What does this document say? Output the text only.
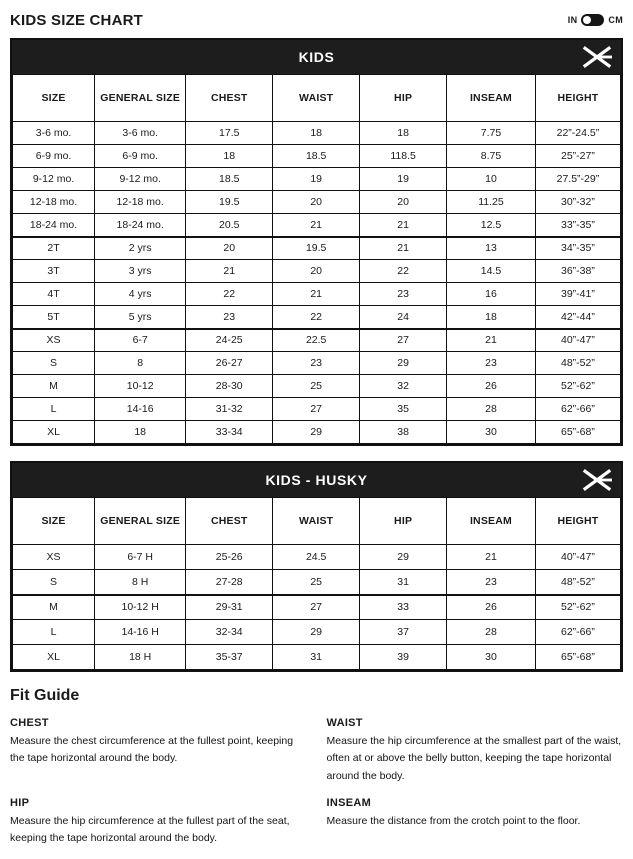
KIDS SIZE CHART	IN	CM
KIDS
SIZE	GENERAL SIZE	CHEST	WAIST	HIP	INSEAM	HEIGHT
3-6 mo.	3-6 mo.	17.5	18	18	7.75	22”-24.5”
6-9 mo.	6-9 mo.	18	18.5	118.5	8.75	25”-27”
9-12 mo.	9-12 mo.	18.5	19	19	10	27.5”-29”
12-18 mo.	12-18 mo.	19.5	20	20	11.25	30”-32”
18-24 mo.	18-24 mo.	20.5	21	21	12.5	33”-35”
2T	2 yrs	20	19.5	21	13	34”-35”
3T	3 yrs	21	20	22	14.5	36”-38”
4T	4 yrs	22	21	23	16	39”-41”
5T	5 yrs	23	22	24	18	42”-44”
XS	6-7	24-25	22.5	27	21	40”-47”
S	8	26-27	23	29	23	48”-52”
M	10-12	28-30	25	32	26	52”-62”
L	14-16	31-32	27	35	28	62”-66”
XL	18	33-34	29	38	30	65”-68”
KIDS - HUSKY
SIZE	GENERAL SIZE	CHEST	WAIST	HIP	INSEAM	HEIGHT
XS	6-7 H	25-26	24.5	29	21	40”-47”
S	8 H	27-28	25	31	23	48”-52”
M	10-12 H	29-31	27	33	26	52”-62”
L	14-16 H	32-34	29	37	28	62”-66”
XL	18 H	35-37	31	39	30	65”-68”
Fit Guide
CHEST

Measure the chest circumference at the fullest point, keeping the tape horizontal around the body.

WAIST

Measure the hip circumference at the smallest part of the waist, often at or above the belly button, keeping the tape horizontal around the body.

HIP

Measure the hip circumference at the fullest part of the seat, keeping the tape horizontal around the body.

INSEAM

Measure the distance from the crotch point to the floor.
